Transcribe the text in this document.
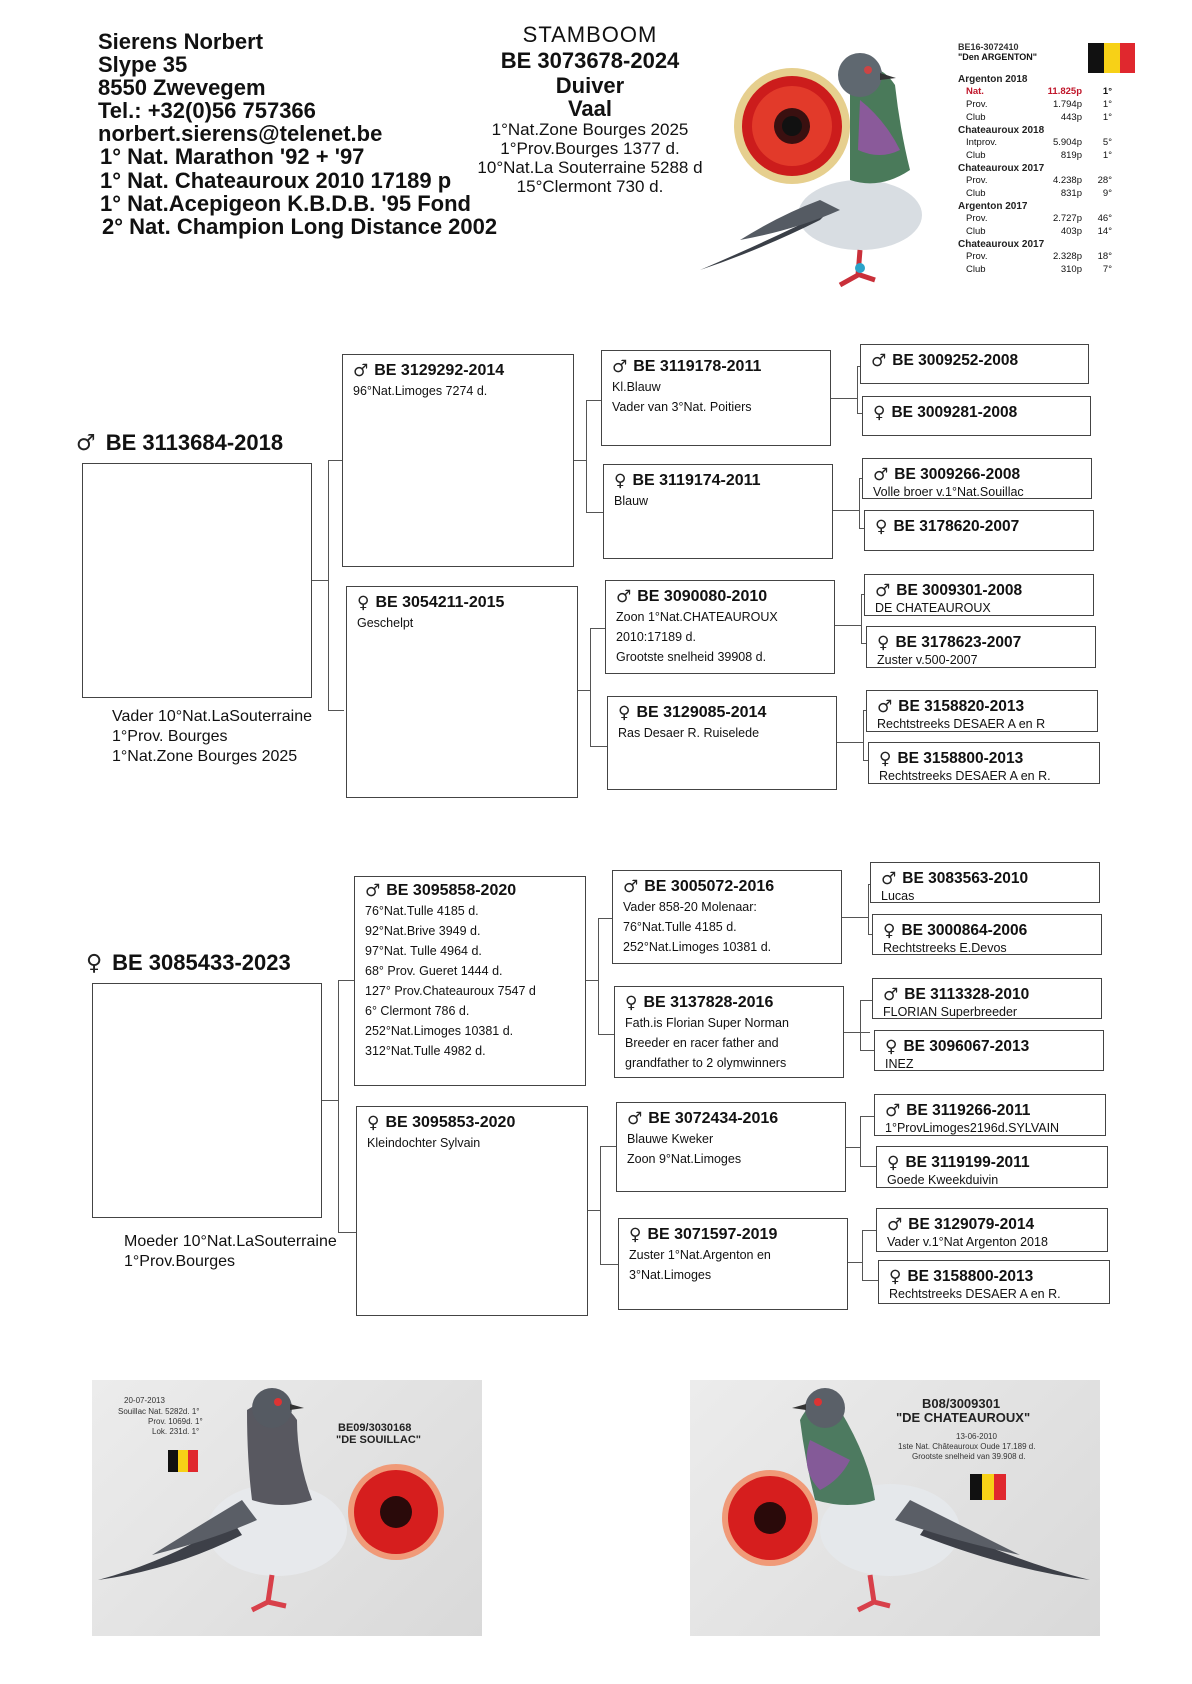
Sierens Norbert
Slype 35
8550 Zwevegem
Tel.: +32(0)56 757366
norbert.sierens@telenet.be
1° Nat. Marathon '92 + '97
1° Nat. Chateauroux 2010 17189 p
1° Nat.Acepigeon K.B.D.B. '95 Fond
2° Nat. Champion Long Distance 2002
STAMBOOM
BE 3073678-2024
Duiver
Vaal
1°Nat.Zone Bourges 2025
1°Prov.Bourges 1377 d.
10°Nat.La Souterraine 5288 d
15°Clermont 730 d.
BE16-3072410
"Den ARGENTON"
Argenton 2018
Nat.	11.825p	1°
Prov.	1.794p	1°
Club	443p	1°
Chateauroux 2018
Intprov.	5.904p	5°
Club	819p	1°
Chateauroux 2017
Prov.	4.238p	28°
Club	831p	9°
Argenton 2017
Prov.	2.727p	46°
Club	403p	14°
Chateauroux 2017
Prov.	2.328p	18°
Club	310p	7°
♂ BE 3113684-2018
Vader 10°Nat.LaSouterraine
1°Prov. Bourges
1°Nat.Zone Bourges 2025
♂ BE 3129292-2014
96°Nat.Limoges 7274 d.
♀ BE 3054211-2015
Geschelpt
♂ BE 3119178-2011
Kl.Blauw
Vader van 3°Nat. Poitiers
♀ BE 3119174-2011
Blauw
♂ BE 3090080-2010
Zoon 1°Nat.CHATEAUROUX
2010:17189 d.
Grootste snelheid 39908 d.
♀ BE 3129085-2014
Ras Desaer R. Ruiselede
♂ BE 3009252-2008
♀ BE 3009281-2008
♂ BE 3009266-2008
Volle broer v.1°Nat.Souillac
♀ BE 3178620-2007
♂ BE 3009301-2008
DE CHATEAUROUX
♀ BE 3178623-2007
Zuster v.500-2007
♂ BE 3158820-2013
Rechtstreeks DESAER A en R
♀ BE 3158800-2013
Rechtstreeks DESAER A en R.
♀ BE 3085433-2023
Moeder 10°Nat.LaSouterraine
1°Prov.Bourges
♂ BE 3095858-2020
76°Nat.Tulle 4185 d.
92°Nat.Brive 3949 d.
97°Nat. Tulle 4964 d.
68° Prov. Gueret 1444 d.
127° Prov.Chateauroux 7547 d
6° Clermont 786 d.
252°Nat.Limoges 10381 d.
312°Nat.Tulle 4982 d.
♀ BE 3095853-2020
Kleindochter Sylvain
♂ BE 3005072-2016
Vader 858-20 Molenaar:
76°Nat.Tulle 4185 d.
252°Nat.Limoges 10381 d.
♀ BE 3137828-2016
Fath.is Florian Super Norman
Breeder en racer father and
grandfather to 2 olymwinners
♂ BE 3072434-2016
Blauwe Kweker
Zoon 9°Nat.Limoges
♀ BE 3071597-2019
Zuster 1°Nat.Argenton en
3°Nat.Limoges
♂ BE 3083563-2010
Lucas
♀ BE 3000864-2006
Rechtstreeks E.Devos
♂ BE 3113328-2010
FLORIAN Superbreeder
♀ BE 3096067-2013
INEZ
♂ BE 3119266-2011
1°ProvLimoges2196d.SYLVAIN
♀ BE 3119199-2011
Goede Kweekduivin
♂ BE 3129079-2014
Vader v.1°Nat Argenton 2018
♀ BE 3158800-2013
Rechtstreeks DESAER A en R.
20-07-2013
Souillac Nat. 5282d. 1°
Prov. 1069d. 1°
Lok. 231d. 1°	BE09/3030168
"DE SOUILLAC"
B08/3009301
"DE CHATEAUROUX"
13-06-2010
1ste Nat. Châteauroux Oude 17.189 d.
Grootste snelheid van 39.908 d.
